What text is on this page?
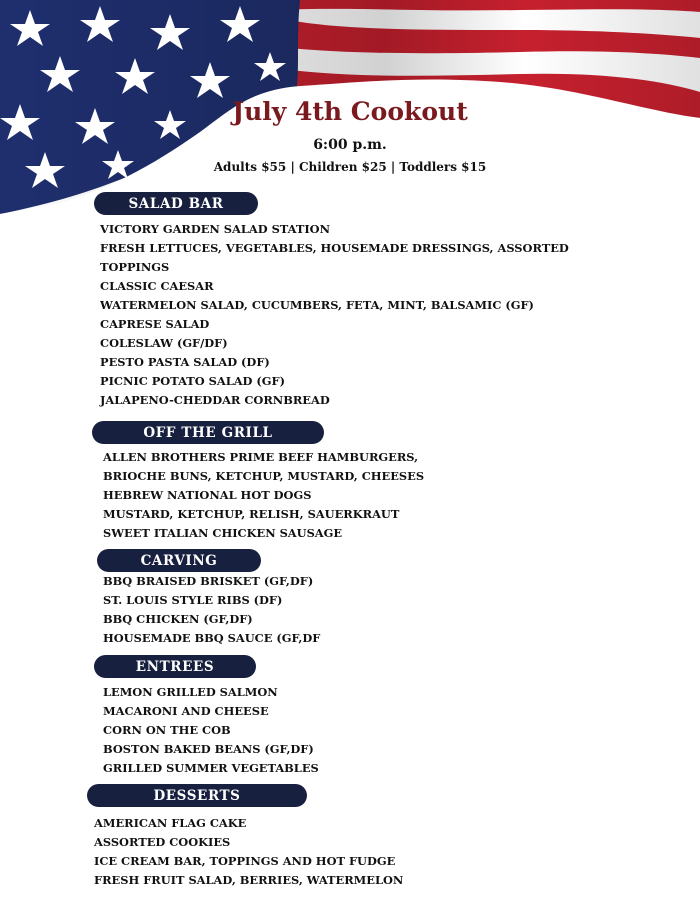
July 4th Cookout
6:00 p.m.
Adults $55 | Children $25 | Toddlers $15
SALAD BAR
VICTORY GARDEN SALAD STATION
FRESH LETTUCES, VEGETABLES, HOUSEMADE DRESSINGS, ASSORTED
TOPPINGS
CLASSIC CAESAR
WATERMELON SALAD, CUCUMBERS, FETA, MINT, BALSAMIC (GF)
CAPRESE SALAD
COLESLAW (GF/DF)
PESTO PASTA SALAD (DF)
PICNIC POTATO SALAD (GF)
JALAPENO-CHEDDAR CORNBREAD
OFF THE GRILL
ALLEN BROTHERS PRIME BEEF HAMBURGERS,
BRIOCHE BUNS, KETCHUP, MUSTARD, CHEESES
HEBREW NATIONAL HOT DOGS
MUSTARD, KETCHUP, RELISH, SAUERKRAUT
SWEET ITALIAN CHICKEN SAUSAGE
CARVING
BBQ BRAISED BRISKET (GF,DF)
ST. LOUIS STYLE RIBS (DF)
BBQ CHICKEN (GF,DF)
HOUSEMADE BBQ SAUCE (GF,DF
ENTREES
LEMON GRILLED SALMON
MACARONI AND CHEESE
CORN ON THE COB
BOSTON BAKED BEANS (GF,DF)
GRILLED SUMMER VEGETABLES
DESSERTS
AMERICAN FLAG CAKE
ASSORTED COOKIES
ICE CREAM BAR, TOPPINGS AND HOT FUDGE
FRESH FRUIT SALAD, BERRIES, WATERMELON
